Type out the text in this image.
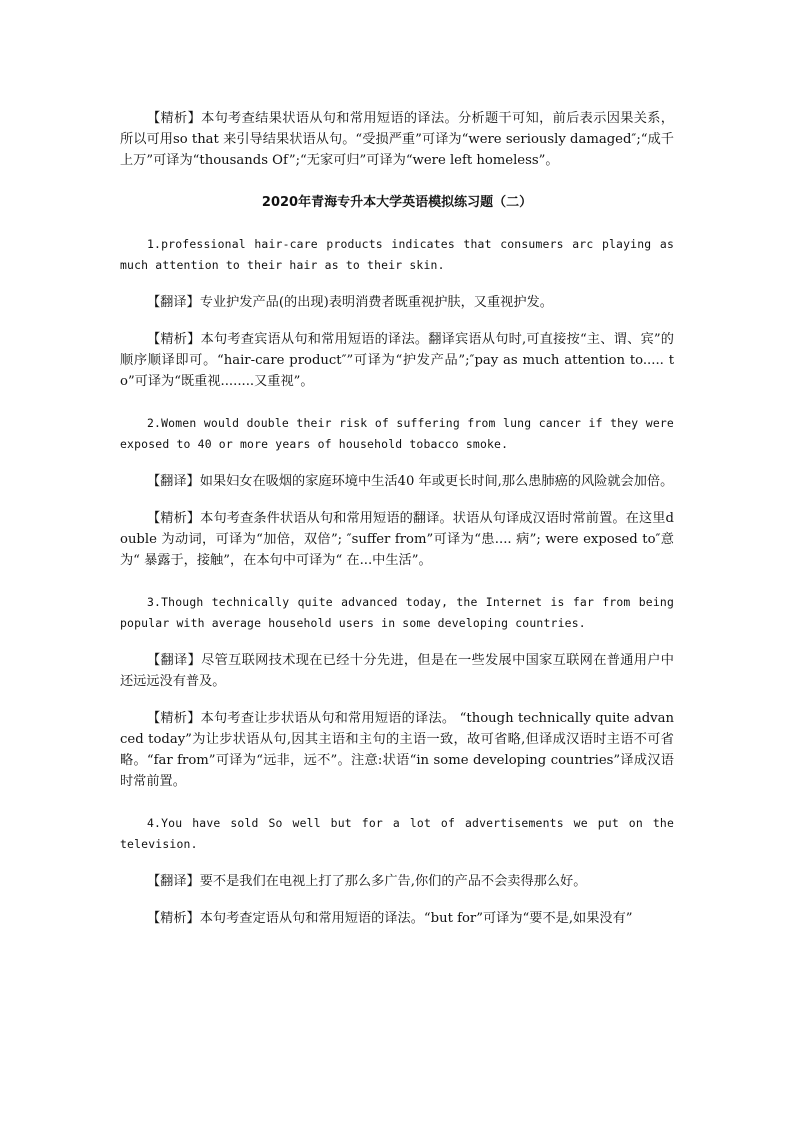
【精析】本句考查结果状语从句和常用短语的译法。分析题干可知，前后表示因果关系，所以可用so that 来引导结果状语从句。“受损严重”可译为“were seriously damaged″;“成千上万”可译为“thousands Of”;“无家可归”可译为“were left homeless”。

2020年青海专升本大学英语模拟练习题（二）

1.professional hair-care products indicates that consumers arc playing as much attention to their hair as to their skin.

【翻译】专业护发产品(的出现)表明消费者既重视护肤，又重视护发。

【精析】本句考查宾语从句和常用短语的译法。翻译宾语从句时,可直接按“主、谓、宾”的顺序顺译即可。“hair-care product″”可译为“护发产品”;″pay as much attention to..... to”可译为“既重视........又重视”。

2.Women would double their risk of suffering from lung cancer if they were exposed to 40 or more years of household tobacco smoke.

【翻译】如果妇女在吸烟的家庭环境中生活40 年或更长时间,那么患肺癌的风险就会加倍。

【精析】本句考查条件状语从句和常用短语的翻译。状语从句译成汉语时常前置。在这里double 为动词，可译为“加倍，双倍”; ″suffer from”可译为“患.... 病”; were exposed to″意为“ 暴露于，接触”，在本句中可译为“ 在...中生活”。

3.Though technically quite advanced today, the Internet is far from being popular with average household users in some developing countries.

【翻译】尽管互联网技术现在已经十分先进，但是在一些发展中国家互联网在普通用户中还远远没有普及。

【精析】本句考查让步状语从句和常用短语的译法。 “though technically quite advanced today”为让步状语从句,因其主语和主句的主语一致，故可省略,但译成汉语时主语不可省略。“far from”可译为“远非，远不”。注意:状语“in some developing countries”译成汉语时常前置。

4.You have sold So well but for a lot of advertisements we put on the television.

【翻译】要不是我们在电视上打了那么多广告,你们的产品不会卖得那么好。

【精析】本句考查定语从句和常用短语的译法。“but for”可译为“要不是,如果没有”
